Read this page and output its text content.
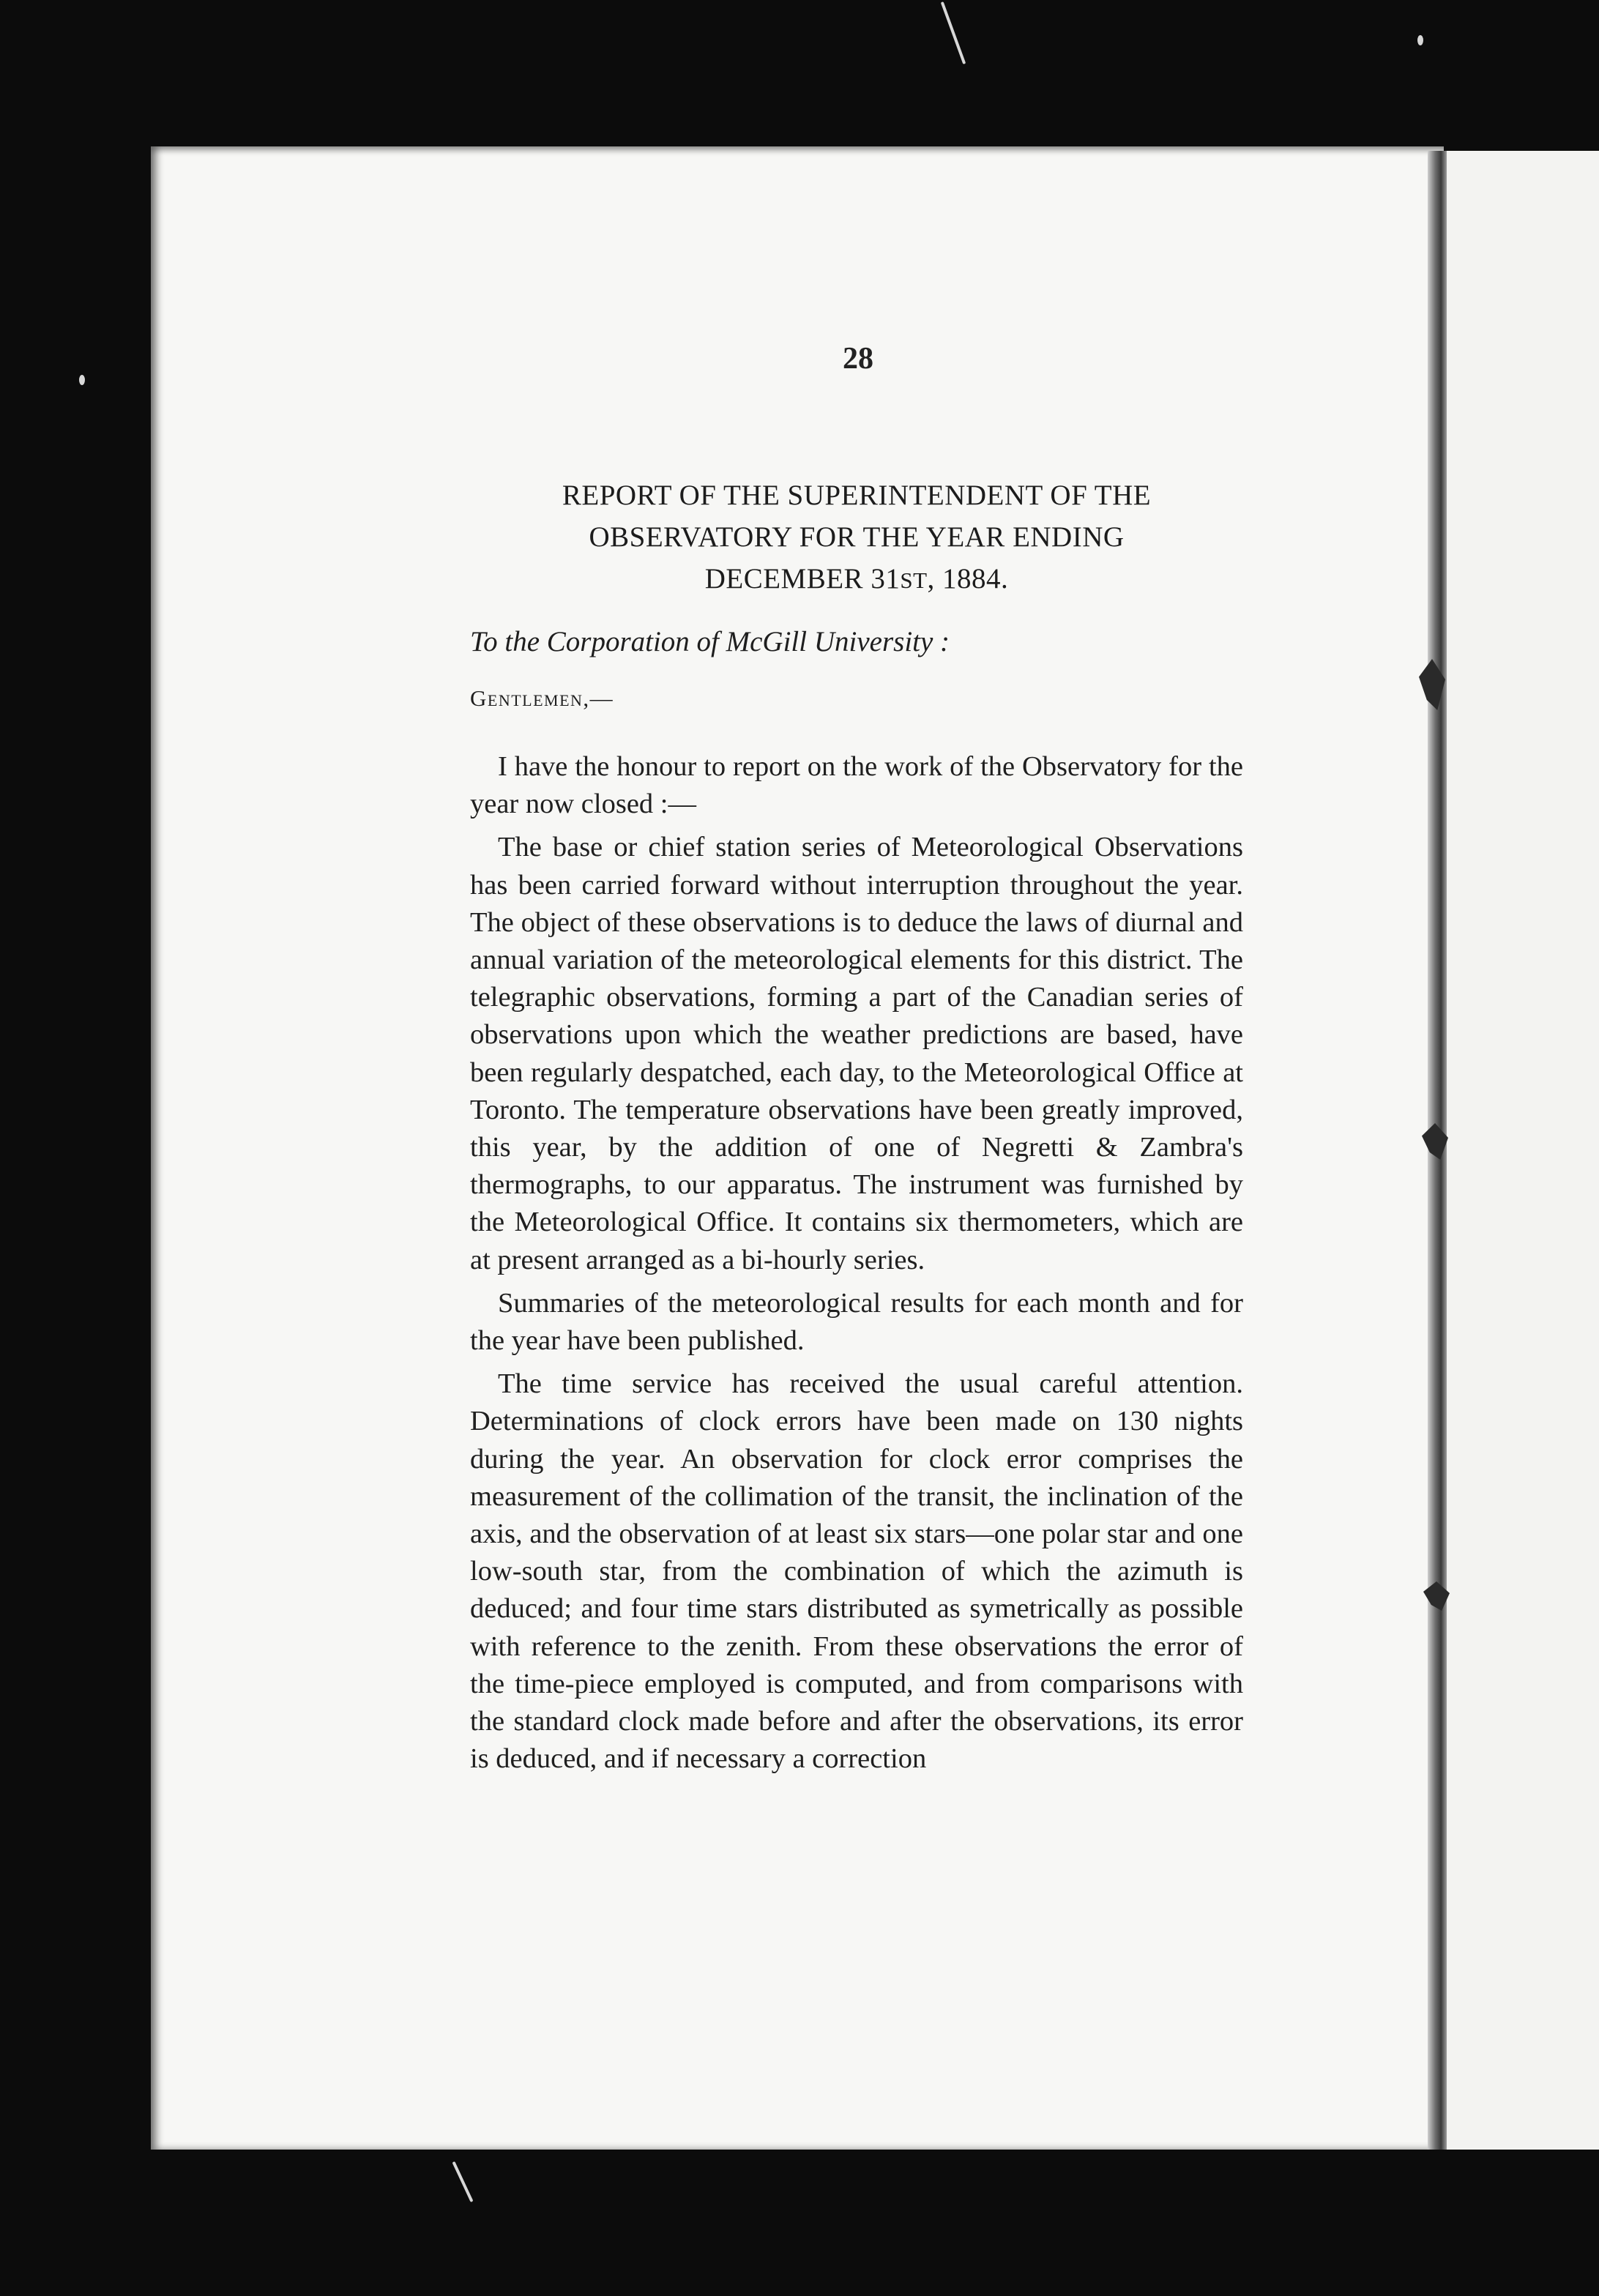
28
REPORT OF THE SUPERINTENDENT OF THE
OBSERVATORY FOR THE YEAR ENDING
DECEMBER 31ST, 1884.
To the Corporation of McGill University :
Gentlemen,—

I have the honour to report on the work of the Observatory for the year now closed :—

The base or chief station series of Meteorological Observations has been carried forward without interruption throughout the year. The object of these observations is to deduce the laws of diurnal and annual variation of the meteorological elements for this district. The telegraphic observations, forming a part of the Canadian series of observations upon which the weather predictions are based, have been regularly despatched, each day, to the Meteorological Office at Toronto. The temperature observations have been greatly improved, this year, by the addition of one of Negretti & Zambra's thermographs, to our apparatus. The instrument was furnished by the Meteorological Office. It contains six thermometers, which are at present arranged as a bi-hourly series.

Summaries of the meteorological results for each month and for the year have been published.

The time service has received the usual careful attention. Determinations of clock errors have been made on 130 nights during the year. An observation for clock error comprises the measurement of the collimation of the transit, the inclination of the axis, and the observation of at least six stars—one polar star and one low-south star, from the combination of which the azimuth is deduced; and four time stars distributed as symetrically as possible with reference to the zenith. From these observations the error of the time-piece employed is computed, and from comparisons with the standard clock made before and after the observations, its error is deduced, and if necessary a correction
